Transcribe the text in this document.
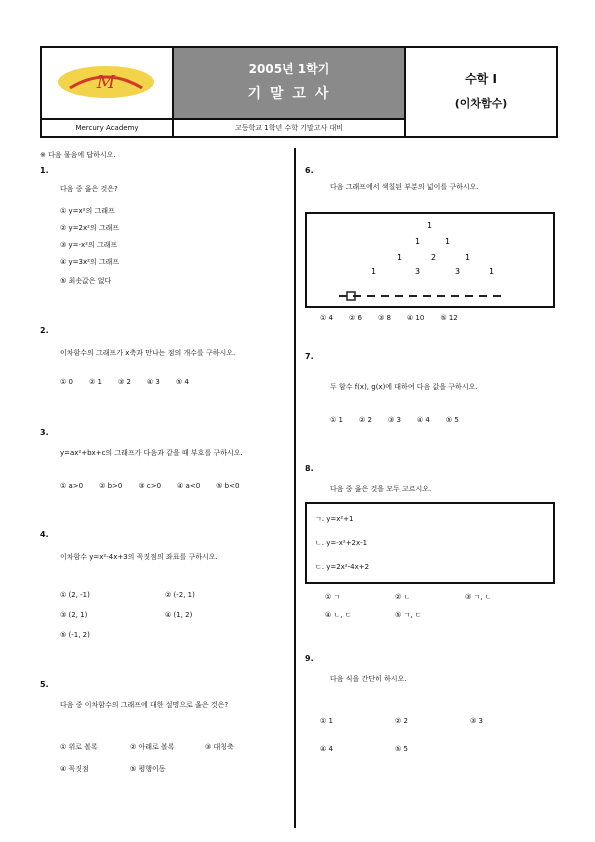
M
2005년 1학기
기 말 고 사
수학 I
(이차함수)
Mercury Academy	고등학교 1학년 수학 기말고사 대비
※ 다음 물음에 답하시오.
1.
다음 중 옳은 것은?
① y=x²의 그래프
② y=2x²의 그래프
③ y=-x²의 그래프
④ y=3x²의 그래프
⑤ 최솟값은 없다
2.
이차함수의 그래프가 x축과 만나는 점의 개수를 구하시오.
① 0 ② 1 ③ 2 ④ 3 ⑤ 4
3.
y=ax²+bx+c의 그래프가 다음과 같을 때 부호를 구하시오.
① a>0 ② b>0 ③ c>0 ④ a<0 ⑤ b<0
4.
이차함수 y=x²-4x+3의 꼭짓점의 좌표를 구하시오.
① (2, -1)	② (-2, 1)
③ (2, 1)	④ (1, 2)
⑤ (-1, 2)
5.
다음 중 이차함수의 그래프에 대한 설명으로 옳은 것은?
① 위로 볼록	② 아래로 볼록	③ 대칭축
④ 꼭짓점	⑤ 평행이동
6.
다음 그래프에서 색칠된 부분의 넓이를 구하시오.
1
1	1
1	2	1
1	3	3	1
① 4 ② 6 ③ 8 ④ 10 ⑤ 12
7.
두 함수 f(x), g(x)에 대하여 다음 값을 구하시오.
① 1 ② 2 ③ 3 ④ 4 ⑤ 5
8.
다음 중 옳은 것을 모두 고르시오.
ㄱ. y=x²+1
ㄴ. y=-x²+2x-1
ㄷ. y=2x²-4x+2
① ㄱ	② ㄴ	③ ㄱ, ㄴ
④ ㄴ, ㄷ	⑤ ㄱ, ㄷ
9.
다음 식을 간단히 하시오.
① 1	② 2	③ 3
④ 4	⑤ 5
